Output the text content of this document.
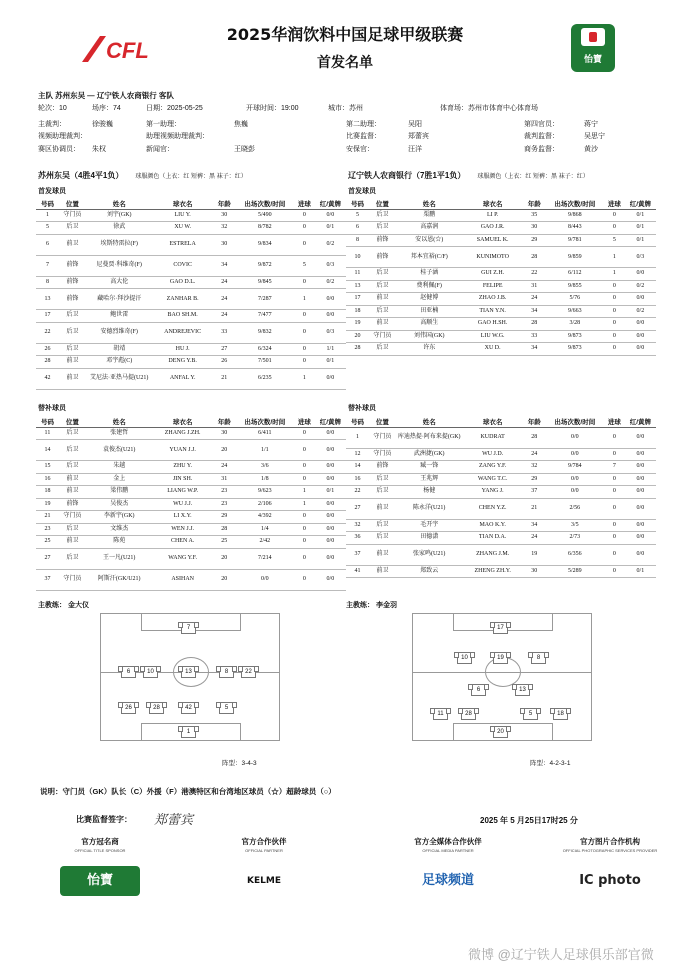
CFL
2025华润饮料中国足球甲级联赛
首发名单	怡寶
主队 苏州东吴 — 辽宁铁人农商银行 客队
轮次：10	场序：74	日期：2025-05-25	开球时间：19:00	城市：苏州	体育场：苏州市体育中心体育场
主裁判：	徐骏巍	第一助理：	焦巍	第二助理：	吴阳	第四官员：	蒋宁
视频助理裁判：	助理视频助理裁判：	比赛监督：	郑蕾宾	裁判监督：	吴思宁
赛区协调员： 朱权	新闻官：	王晓彭	安保官：	汪洋	商务监督：	黄沙
苏州东吴（4胜4平1负） 球服颜色（上衣：红 短裤：黑 袜子：红）	辽宁铁人农商银行（7胜1平1负） 球服颜色（上衣：红 短裤：黑 袜子：红）
首发球员	首发球员
号码	位置	姓名	球衣名	年龄	出场次数/时间	进球	红/黄牌
1	守门员	刘宇(GK)	LIU Y.	30	5/490	0	0/0
5	后卫	徐武	XU W.	32	8/782	0	0/1
6	前卫	埃斯特雷拉(F)	ESTRELA	30	9/834	0	0/2
7	前锋	尼曼贾·科维奇(F)	COVIC	34	9/872	5	0/3
8	前锋	高大伦	GAO D.L.	24	9/845	0	0/2
13	前锋	藏哈尔·拜沙提汗	ZANHAR B.	24	7/287	1	0/0
17	后卫	鲍世雷	BAO SH.M.	24	7/477	0	0/0
22	后卫	安德烈维奇(F)	ANDREJEVIC	33	9/832	0	0/3
26	后卫	胡靖	HU J.	27	6/324	0	1/1
28	前卫	邓宇彪(C)	DENG Y.B.	26	7/501	0	0/1
42	前卫	艾尼法·亚热马提(U21)	ANFAL Y.	21	6/235	1	0/0
号码	位置	姓名	球衣名	年龄	出场次数/时间	进球	红/黄牌
5	后卫	栗鹏	LI P.	35	9/868	0	0/1
6	后卫	高嘉润	GAO J.R.	30	8/443	0	0/1
8	前锋	安以恩(☆)	SAMUEL K.	29	9/781	5	0/1
10	前锋	邦本宜裕(C/F)	KUNIMOTO	28	9/859	1	0/3
11	后卫	桂子涵	GUI Z.H.	22	6/112	1	0/0
13	后卫	费利佩(F)	FELIPE	31	9/855	0	0/2
17	前卫	赵健博	ZHAO J.B.	24	5/76	0	0/0
18	后卫	田亚楠	TIAN Y.N.	34	9/663	0	0/2
19	前卫	高顺生	GAO H.SH.	28	3/28	0	0/0
20	守门员	刘伟国(GK)	LIU W.G.	33	9/873	0	0/0
28	后卫	许东	XU D.	34	9/873	0	0/0
替补球员	替补球员
号码	位置	姓名	球衣名	年龄	出场次数/时间	进球	红/黄牌
11	后卫	张建哲	ZHANG J.ZH.	30	6/411	0	0/0
14	后卫	袁俊杰(U21)	YUAN J.J.	20	1/1	0	0/0
15	后卫	朱越	ZHU Y.	24	3/6	0	0/0
16	前卫	金上	JIN SH.	31	1/8	0	0/0
18	前卫	梁伟鹏	LIANG W.P.	23	9/623	1	0/1
19	前锋	吴俊杰	WU J.J.	23	2/106	1	0/0
21	守门员	李新宇(GK)	LI X.Y.	29	4/392	0	0/0
23	后卫	文维杰	WEN J.J.	28	1/4	0	0/0
25	前卫	陈苑	CHEN A.	25	2/42	0	0/0
27	后卫	王一凡(U21)	WANG Y.F.	20	7/214	0	0/0
37	守门员	阿斯汗(GK/U21)	ASIHAN	20	0/0	0	0/0
号码	位置	姓名	球衣名	年龄	出场次数/时间	进球	红/黄牌
1	守门员	库迪热提·阿布来提(GK)	KUDRAT	28	0/0	0	0/0
12	守门员	武洲捷(GK)	WU J.D.	24	0/0	0	0/0
14	前锋	臧一锋	ZANG Y.F.	32	9/784	7	0/0
16	后卫	王兆辉	WANG T.C.	29	0/0	0	0/0
22	后卫	杨健	YANG J.	37	0/0	0	0/0
27	前卫	陈永洋(U21)	CHEN Y.Z.	21	2/56	0	0/0
32	后卫	毛开宇	MAO K.Y.	34	3/5	0	0/0
36	后卫	田德潇	TIAN D.A.	24	2/73	0	0/0
37	前卫	张家鸣(U21)	ZHANG J.M.	19	6/356	0	0/0
41	前卫	郑致云	ZHENG ZH.Y.	30	5/289	0	0/1
主教练： 金大仪	主教练： 李金羽
7
6	10	13	8	22
26	28	42	5
1
17
10	19	8
6	13
11	28	5	18
20
阵型：3-4-3	阵型：4-2-3-1
说明：守门员（GK）队长（C）外援（F）港澳特区和台湾地区球员（☆）超龄球员（○）
比赛监督签字： 郑蕾宾	2025 年 5 月25日17时25 分
官方冠名商
OFFICIAL TITLE SPONSOR
怡寶
官方合作伙伴
OFFICIAL PARTNER
KELME
官方全媒体合作伙伴
OFFICIAL MEDIA PARTNER
足球频道
官方图片合作机构
OFFICIAL PHOTOGRAPHIC SERVICES PROVIDER
IC photo
微博 @辽宁铁人足球俱乐部官微
